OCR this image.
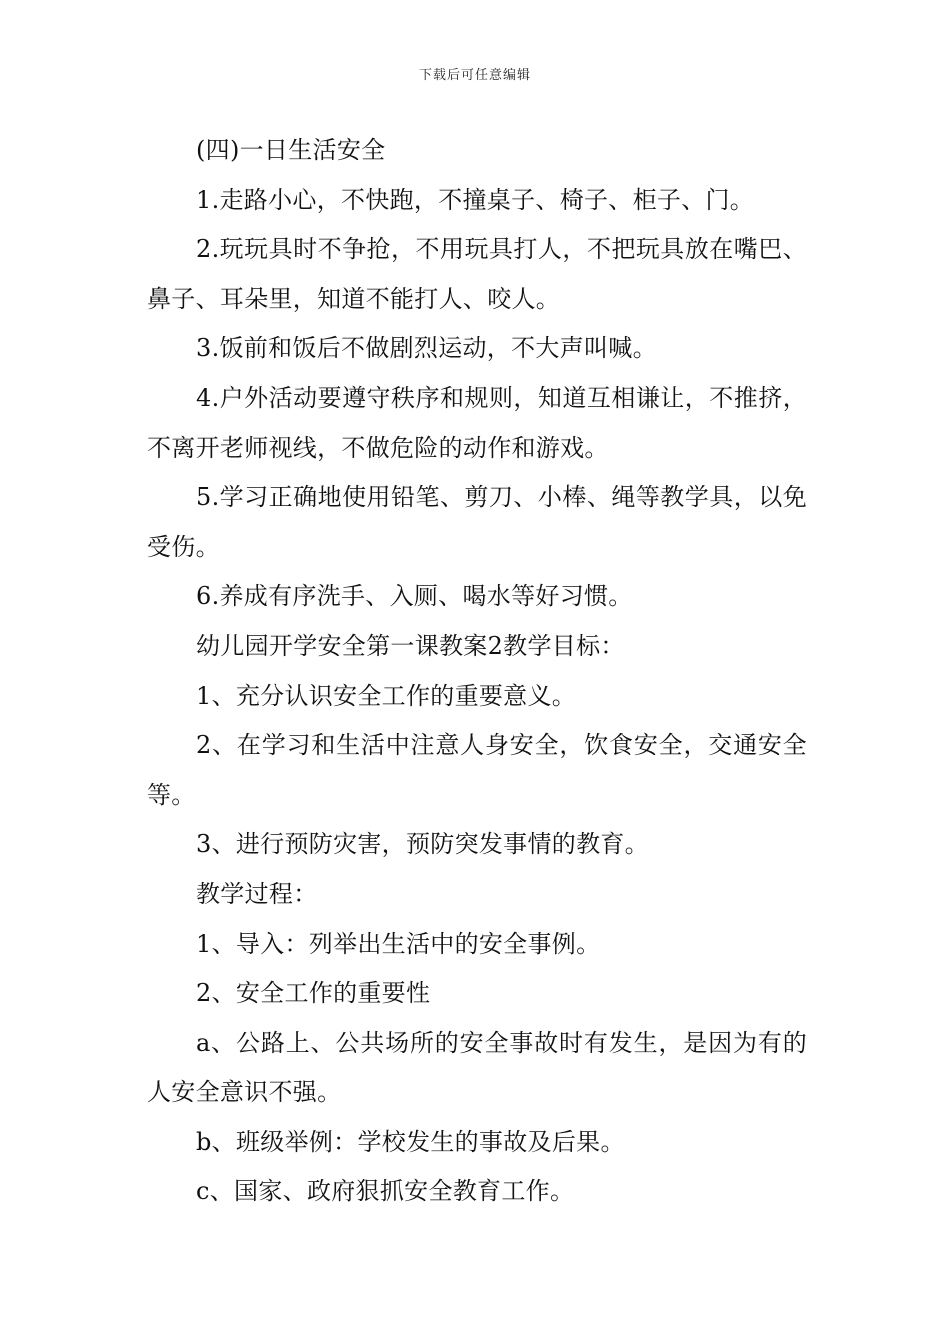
下载后可任意编辑

(四)一日生活安全

1.走路小心，不快跑，不撞桌子、椅子、柜子、门。

2.玩玩具时不争抢，不用玩具打人，不把玩具放在嘴巴、鼻子、耳朵里，知道不能打人、咬人。

3.饭前和饭后不做剧烈运动，不大声叫喊。

4.户外活动要遵守秩序和规则，知道互相谦让，不推挤，不离开老师视线，不做危险的动作和游戏。

5.学习正确地使用铅笔、剪刀、小棒、绳等教学具，以免受伤。

6.养成有序洗手、入厕、喝水等好习惯。

幼儿园开学安全第一课教案2教学目标：

1、充分认识安全工作的重要意义。

2、在学习和生活中注意人身安全，饮食安全，交通安全等。

3、进行预防灾害，预防突发事情的教育。

教学过程：

1、导入：列举出生活中的安全事例。

2、安全工作的重要性

a、公路上、公共场所的安全事故时有发生，是因为有的人安全意识不强。

b、班级举例：学校发生的事故及后果。

c、国家、政府狠抓安全教育工作。
